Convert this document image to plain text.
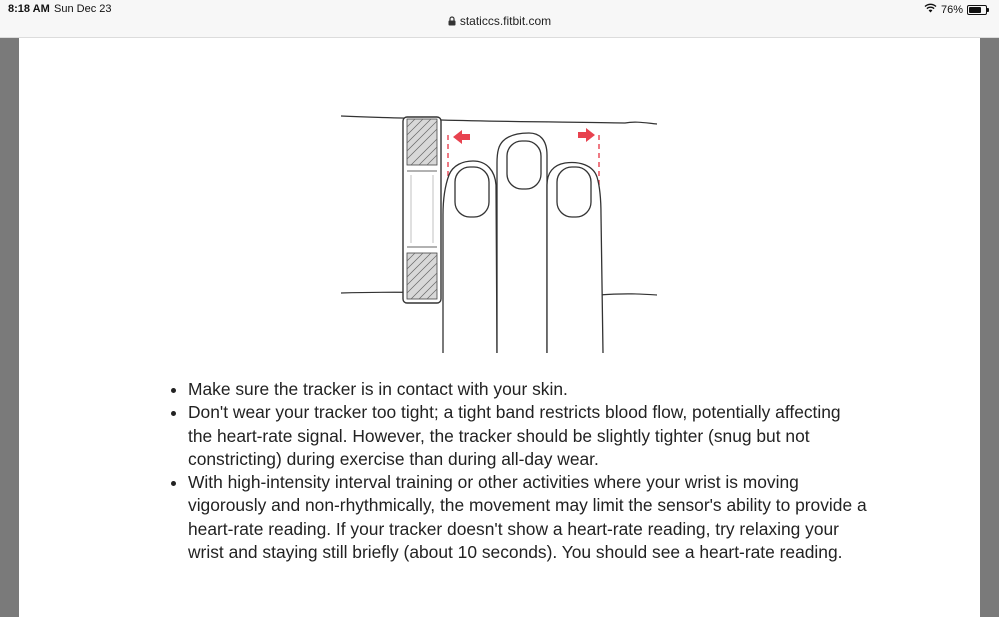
8:18 AM Sun Dec 23
staticcs.fitbit.com
76%
Make sure the tracker is in contact with your skin.
Don't wear your tracker too tight; a tight band restricts blood flow, potentially affecting the heart-rate signal. However, the tracker should be slightly tighter (snug but not constricting) during exercise than during all-day wear.
With high-intensity interval training or other activities where your wrist is moving vigorously and non-rhythmically, the movement may limit the sensor's ability to provide a heart-rate reading. If your tracker doesn't show a heart-rate reading, try relaxing your wrist and staying still briefly (about 10 seconds). You should see a heart-rate reading.
